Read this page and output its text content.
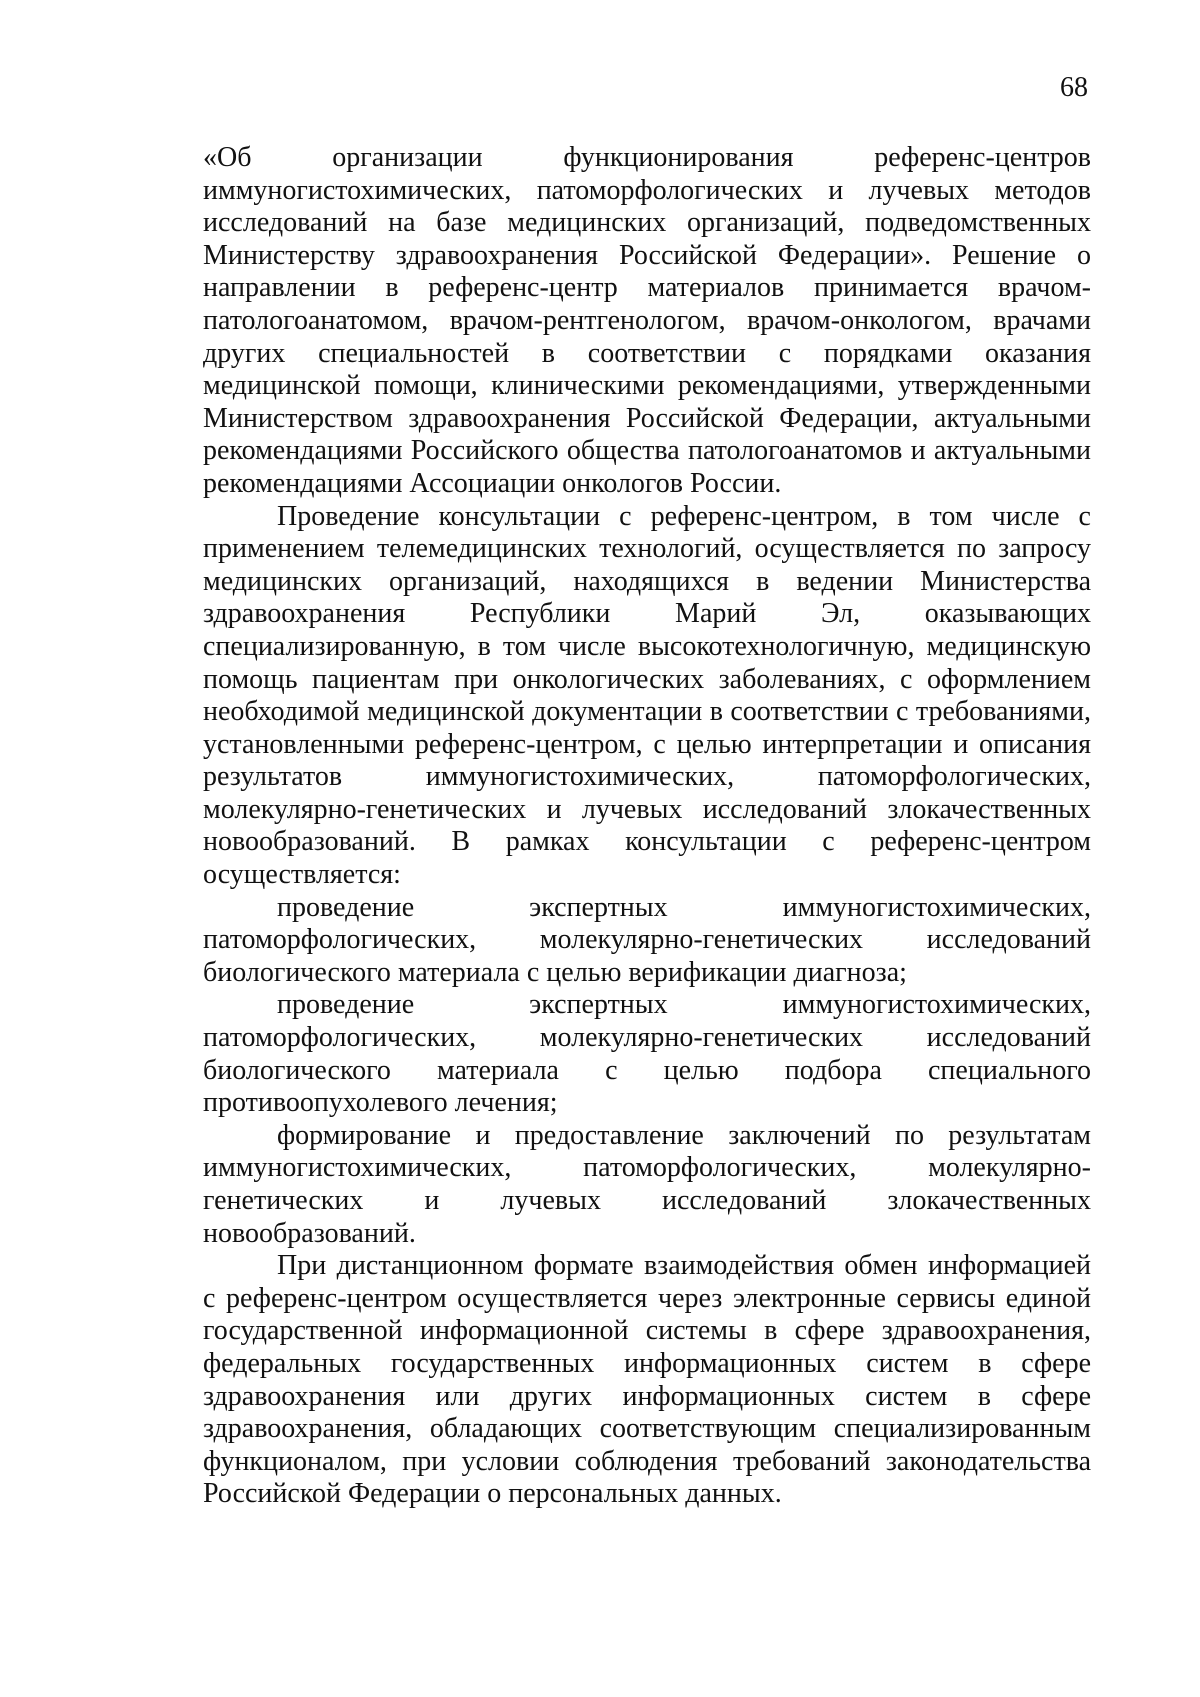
68

«Об организации функционирования референс-центров иммуногистохимических, патоморфологических и лучевых методов исследований на базе медицинских организаций, подведомственных Министерству здравоохранения Российской Федерации». Решение о направлении в референс-центр материалов принимается врачом-патологоанатомом, врачом-рентгенологом, врачом-онкологом, врачами других специальностей в соответствии с порядками оказания медицинской помощи, клиническими рекомендациями, утвержденными Министерством здравоохранения Российской Федерации, актуальными рекомендациями Российского общества патологоанатомов и актуальными рекомендациями Ассоциации онкологов России.

Проведение консультации с референс-центром, в том числе с применением телемедицинских технологий, осуществляется по запросу медицинских организаций, находящихся в ведении Министерства здравоохранения Республики Марий Эл, оказывающих специализированную, в том числе высокотехнологичную, медицинскую помощь пациентам при онкологических заболеваниях, с оформлением необходимой медицинской документации в соответствии с требованиями, установленными референс-центром, с целью интерпретации и описания результатов иммуногистохимических, патоморфологических, молекулярно-генетических и лучевых исследований злокачественных новообразований. В рамках консультации с референс-центром осуществляется:

проведение экспертных иммуногистохимических, патоморфологических, молекулярно-генетических исследований биологического материала с целью верификации диагноза;

проведение экспертных иммуногистохимических, патоморфологических, молекулярно-генетических исследований биологического материала с целью подбора специального противоопухолевого лечения;

формирование и предоставление заключений по результатам иммуногистохимических, патоморфологических, молекулярно-генетических и лучевых исследований злокачественных новообразований.

При дистанционном формате взаимодействия обмен информацией с референс-центром осуществляется через электронные сервисы единой государственной информационной системы в сфере здравоохранения, федеральных государственных информационных систем в сфере здравоохранения или других информационных систем в сфере здравоохранения, обладающих соответствующим специализированным функционалом, при условии соблюдения требований законодательства Российской Федерации о персональных данных.
